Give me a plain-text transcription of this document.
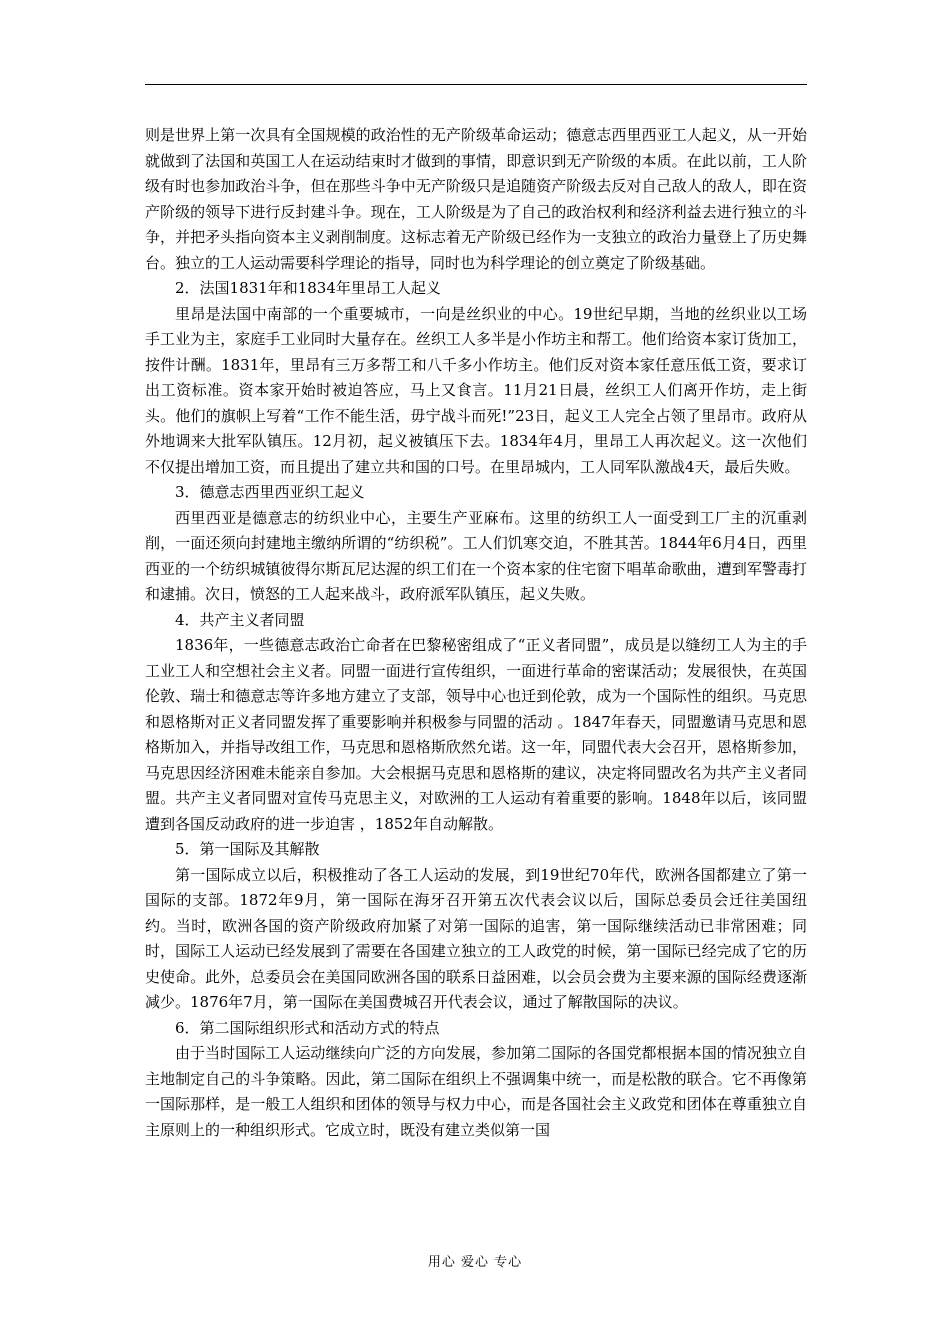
则是世界上第一次具有全国规模的政治性的无产阶级革命运动；德意志西里西亚工人起义，从一开始就做到了法国和英国工人在运动结束时才做到的事情，即意识到无产阶级的本质。在此以前，工人阶级有时也参加政治斗争，但在那些斗争中无产阶级只是追随资产阶级去反对自己敌人的敌人，即在资产阶级的领导下进行反封建斗争。现在，工人阶级是为了自己的政治权利和经济利益去进行独立的斗争，并把矛头指向资本主义剥削制度。这标志着无产阶级已经作为一支独立的政治力量登上了历史舞台。独立的工人运动需要科学理论的指导，同时也为科学理论的创立奠定了阶级基础。

2．法国1831年和1834年里昂工人起义

里昂是法国中南部的一个重要城市，一向是丝织业的中心。19世纪早期，当地的丝织业以工场手工业为主，家庭手工业同时大量存在。丝织工人多半是小作坊主和帮工。他们给资本家订货加工，按件计酬。1831年，里昂有三万多帮工和八千多小作坊主。他们反对资本家任意压低工资，要求订出工资标准。资本家开始时被迫答应，马上又食言。11月21日晨，丝织工人们离开作坊，走上街头。他们的旗帜上写着“工作不能生活，毋宁战斗而死!”23日，起义工人完全占领了里昂市。政府从外地调来大批军队镇压。12月初，起义被镇压下去。1834年4月，里昂工人再次起义。这一次他们不仅提出增加工资，而且提出了建立共和国的口号。在里昂城内，工人同军队激战4天，最后失败。

3．德意志西里西亚织工起义

西里西亚是德意志的纺织业中心，主要生产亚麻布。这里的纺织工人一面受到工厂主的沉重剥削，一面还须向封建地主缴纳所谓的“纺织税”。工人们饥寒交迫，不胜其苦。1844年6月4日，西里西亚的一个纺织城镇彼得尔斯瓦尼达渥的织工们在一个资本家的住宅窗下唱革命歌曲，遭到军警毒打和逮捕。次日，愤怒的工人起来战斗，政府派军队镇压，起义失败。

4．共产主义者同盟

1836年，一些德意志政治亡命者在巴黎秘密组成了“正义者同盟”，成员是以缝纫工人为主的手工业工人和空想社会主义者。同盟一面进行宣传组织，一面进行革命的密谋活动；发展很快，在英国伦敦、瑞士和德意志等许多地方建立了支部，领导中心也迁到伦敦，成为一个国际性的组织。马克思和恩格斯对正义者同盟发挥了重要影响并积极参与同盟的活动 。1847年春天，同盟邀请马克思和恩格斯加入，并指导改组工作，马克思和恩格斯欣然允诺。这一年，同盟代表大会召开，恩格斯参加，马克思因经济困难未能亲自参加。大会根据马克思和恩格斯的建议，决定将同盟改名为共产主义者同盟。共产主义者同盟对宣传马克思主义，对欧洲的工人运动有着重要的影响。1848年以后，该同盟遭到各国反动政府的进一步迫害 ，1852年自动解散。

5．第一国际及其解散

第一国际成立以后，积极推动了各工人运动的发展，到19世纪70年代，欧洲各国都建立了第一国际的支部。1872年9月，第一国际在海牙召开第五次代表会议以后，国际总委员会迁往美国纽约。当时，欧洲各国的资产阶级政府加紧了对第一国际的追害，第一国际继续活动已非常困难；同时，国际工人运动已经发展到了需要在各国建立独立的工人政党的时候，第一国际已经完成了它的历史使命。此外，总委员会在美国同欧洲各国的联系日益困难，以会员会费为主要来源的国际经费逐渐减少。1876年7月，第一国际在美国费城召开代表会议，通过了解散国际的决议。

6．第二国际组织形式和活动方式的特点

由于当时国际工人运动继续向广泛的方向发展，参加第二国际的各国党都根据本国的情况独立自主地制定自己的斗争策略。因此，第二国际在组织上不强调集中统一，而是松散的联合。它不再像第一国际那样，是一般工人组织和团体的领导与权力中心，而是各国社会主义政党和团体在尊重独立自主原则上的一种组织形式。它成立时，既没有建立类似第一国

用心 爱心 专心
